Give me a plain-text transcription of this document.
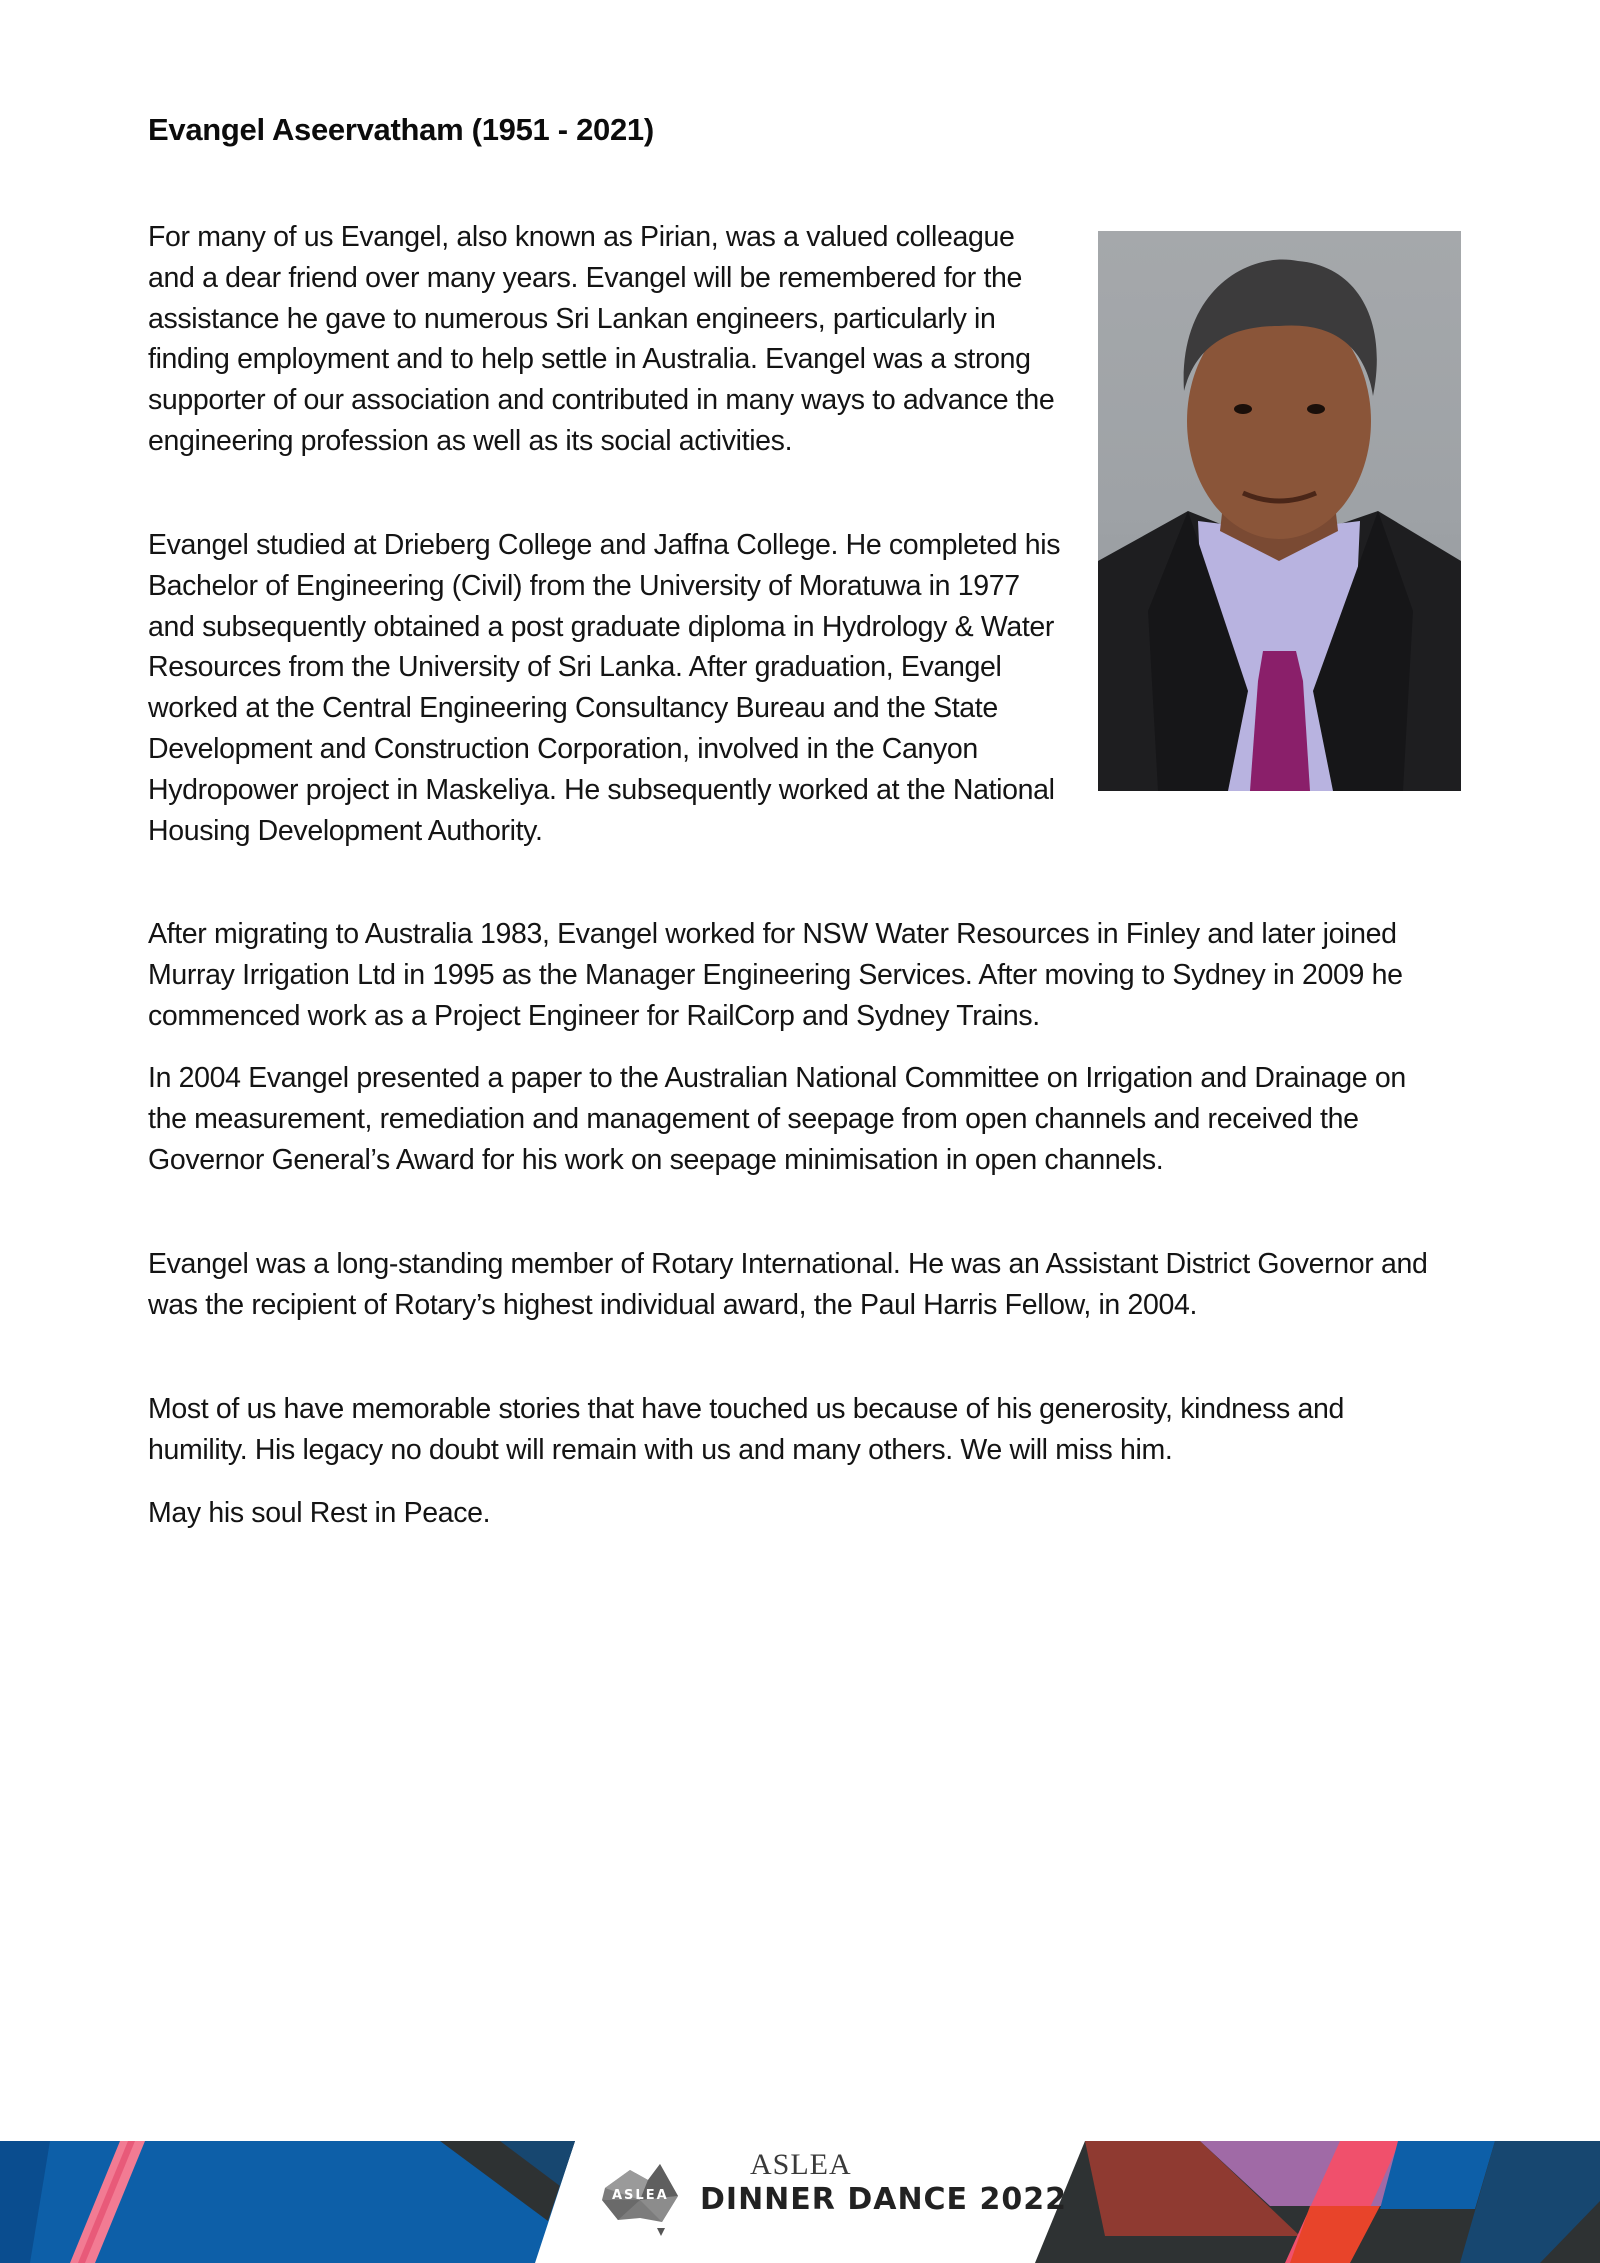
Evangel Aseervatham (1951 - 2021)

For many of us Evangel, also known as Pirian, was a valued colleague and a dear friend over many years. Evangel will be remembered for the assistance he gave to numerous Sri Lankan engineers, particularly in finding employment and to help settle in Australia. Evangel was a strong supporter of our association and contributed in many ways to advance the engineering profession as well as its social activities.

Evangel studied at Drieberg College and Jaffna College. He completed his Bachelor of Engineering (Civil) from the University of Moratuwa in 1977 and subsequently obtained a post graduate diploma in Hydrology & Water Resources from the University of Sri Lanka. After graduation, Evangel worked at the Central Engineering Consultancy Bureau and the State Development and Construction Corporation, involved in the Canyon Hydropower project in Maskeliya. He subsequently worked at the National Housing Development Authority.

After migrating to Australia 1983, Evangel worked for NSW Water Resources in Finley and later joined Murray Irrigation Ltd in 1995 as the Manager Engineering Services. After moving to Sydney in 2009 he commenced work as a Project Engineer for RailCorp and Sydney Trains.

In 2004 Evangel presented a paper to the Australian National Committee on Irrigation and Drainage on the measurement, remediation and management of seepage from open channels and received the Governor General’s Award for his work on seepage minimisation in open channels.

Evangel was a long-standing member of Rotary International. He was an Assistant District Governor and was the recipient of Rotary’s highest individual award, the Paul Harris Fellow, in 2004.

Most of us have memorable stories that have touched us because of his generosity, kindness and humility. His legacy no doubt will remain with us and many others. We will miss him.

May his soul Rest in Peace.

ASLEA
ASLEA
DINNER DANCE 2022
